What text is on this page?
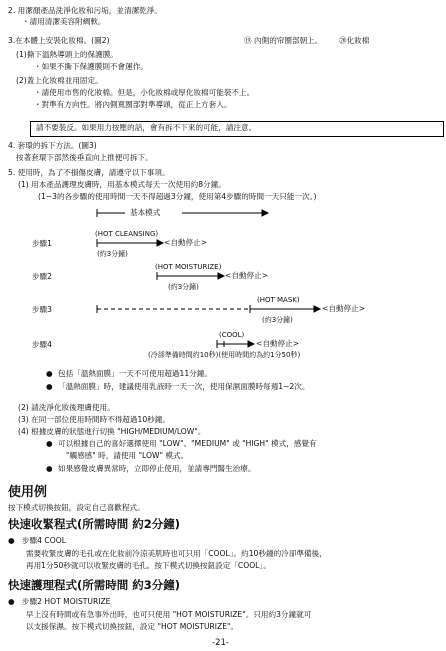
2. 用潔顏產品洗淨化妝和污垢，並清潔乾淨。
・請用清潔美容附綢軟。
3.在本體上安裝化妝棉。(圖2)	⑲ 內側的帘圈部朝上。 ⑳化妝棉
(1)撕下温熱導頭上的保護膜。
・如果不撕下保護膜則不會運作。
(2)蓋上化妝棉並用固定。
・請使用市售的化妝棉。但是，小化妝棉或厚化妝棉可能裝不上。
・對準有方向性。將內側寬圈部對準導頭，從正上方套入。
請不要裝反。如果用力按壓的話，會有拆不下來的可能，請注意。
4. 套環的拆下方法。(圖3)
按著套環下部然後垂直向上推便可拆下。
5. 使用時，為了不損傷皮膚，請遵守以下事項。
(1) 用本產品護理皮膚時，用基本模式每天一次使用約8分鐘。
(1~3的各步驟的使用時間一天不得超過3分鐘，使用第4步驟的時間一天只能一次。)
基本模式
步驟1
(HOT CLEANSING)
<自動停止>
(約3分鐘)
步驟2
(HOT MOISTURIZE)
<自動停止>
(約3分鐘)
步驟3
(HOT MASK)
<自動停止>
(約3分鐘)
步驟4
(COOL)
<自動停止>
(冷卻準備時間約10秒)(使用時間約為約1分50秒)
● 包括「溫熱面膜」一天不可使用超過11分鐘。
● 「溫熱面膜」時，建議使用乳液時一天一次，使用保濕面膜時每週1~2次。
(2) 請洗淨化妝後理膚使用。
(3) 在同一部位使用時間時不得超過10秒鐘。
(4) 根據皮膚的狀態進行切換 "HIGH/MEDIUM/LOW"。
● 可以根據自己的喜好選擇使用 "LOW"、"MEDIUM" 或 "HIGH" 模式，感覺有
"觸感感" 時，請使用 "LOW" 模式。
● 如果感覺皮膚異常時，立即停止使用，並請專門醫生治療。
使用例
按下模式切換按鈕，設定自己喜歡程式。
快速收緊程式(所需時間 約2分鐘)
● 步驟4 COOL
需要收緊皮膚的毛孔或在化妝前冷涼美肌時也可只用「COOL」。約10秒鐘的冷卻準備後，
再用1分50秒就可以收緊皮膚的毛孔。按下模式切換按鈕設定「COOL」。
快速護理程式(所需時間 約3分鐘)
● 步驟2 HOT MOISTURIZE
早上沒有時間或有急事外出時，也可只使用 "HOT MOISTURIZE"。只用約3分鐘就可
以支援保濕。按下模式切換按鈕，設定 "HOT MOISTURIZE"。
-21-
